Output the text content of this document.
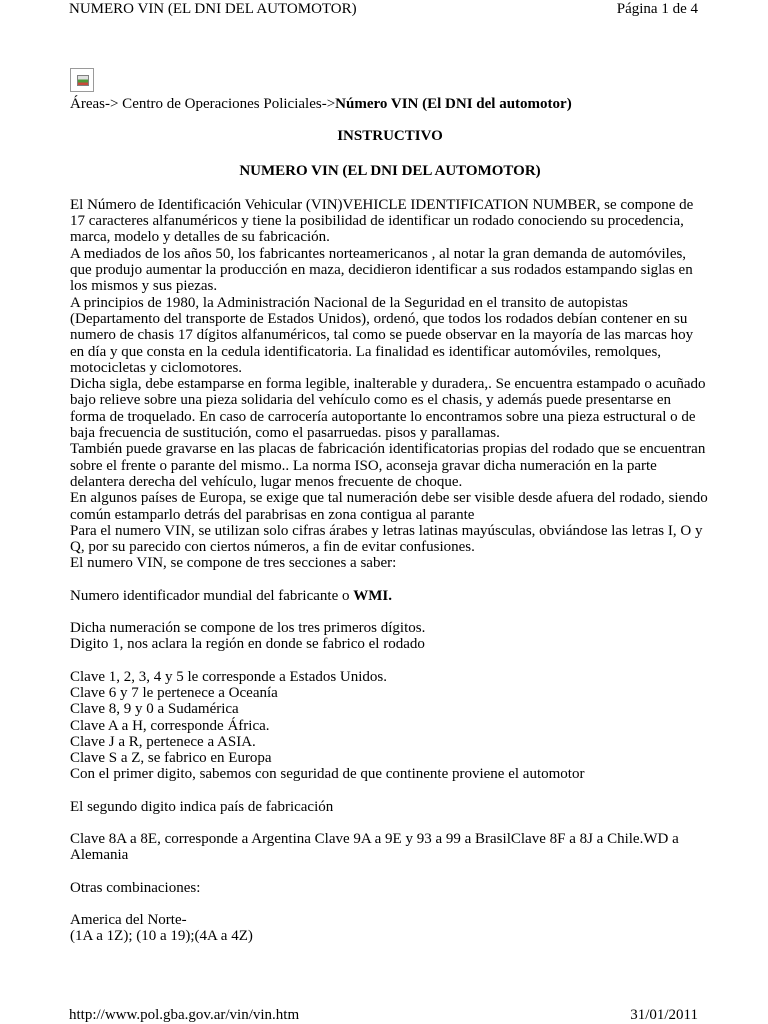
NUMERO VIN (EL DNI DEL AUTOMOTOR)	Página 1 de 4

Áreas-> Centro de Operaciones Policiales->Número VIN (El DNI del automotor)

INSTRUCTIVO

NUMERO VIN (EL DNI DEL AUTOMOTOR)

El Número de Identificación Vehicular (VIN)VEHICLE IDENTIFICATION NUMBER, se compone de 17 caracteres alfanuméricos y tiene la posibilidad de identificar un rodado conociendo su procedencia, marca, modelo y detalles de su fabricación.

A mediados de los años 50, los fabricantes norteamericanos , al notar la gran demanda de automóviles, que produjo aumentar la producción en maza, decidieron identificar a sus rodados estampando siglas en los mismos y sus piezas.

A principios de 1980, la Administración Nacional de la Seguridad en el transito de autopistas (Departamento del transporte de Estados Unidos), ordenó, que todos los rodados debían contener en su numero de chasis 17 dígitos alfanuméricos, tal como se puede observar en la mayoría de las marcas hoy en día y que consta en la cedula identificatoria. La finalidad es identificar automóviles, remolques, motocicletas y ciclomotores.

Dicha sigla, debe estamparse en forma legible, inalterable y duradera,. Se encuentra estampado o acuñado bajo relieve sobre una pieza solidaria del vehículo como es el chasis, y además puede presentarse en forma de troquelado. En caso de carrocería autoportante lo encontramos sobre una pieza estructural o de baja frecuencia de sustitución, como el pasarruedas. pisos y parallamas.

También puede gravarse en las placas de fabricación identificatorias propias del rodado que se encuentran sobre el frente o parante del mismo.. La norma ISO, aconseja gravar dicha numeración en la parte delantera derecha del vehículo, lugar menos frecuente de choque.

En algunos países de Europa, se exige que tal numeración debe ser visible desde afuera del rodado, siendo común estamparlo detrás del parabrisas en zona contigua al parante

Para el numero VIN, se utilizan solo cifras árabes y letras latinas mayúsculas, obviándose las letras I, O y Q, por su parecido con ciertos números, a fin de evitar confusiones.

El numero VIN, se compone de tres secciones a saber:

Numero identificador mundial del fabricante o WMI.

Dicha numeración se compone de los tres primeros dígitos.

Digito 1, nos aclara la región en donde se fabrico el rodado

Clave 1, 2, 3, 4 y 5 le corresponde a Estados Unidos.

Clave 6 y 7 le pertenece a Oceanía

Clave 8, 9 y 0 a Sudamérica

Clave A a H, corresponde África.

Clave J a R, pertenece a ASIA.

Clave S a Z, se fabrico en Europa

Con el primer digito, sabemos con seguridad de que continente proviene el automotor

El segundo digito indica país de fabricación

Clave 8A a 8E, corresponde a Argentina Clave 9A a 9E y 93 a 99 a BrasilClave 8F a 8J a Chile.WD a Alemania

Otras combinaciones:

America del Norte-

(1A a 1Z); (10 a 19);(4A a 4Z)

http://www.pol.gba.gov.ar/vin/vin.htm	31/01/2011
